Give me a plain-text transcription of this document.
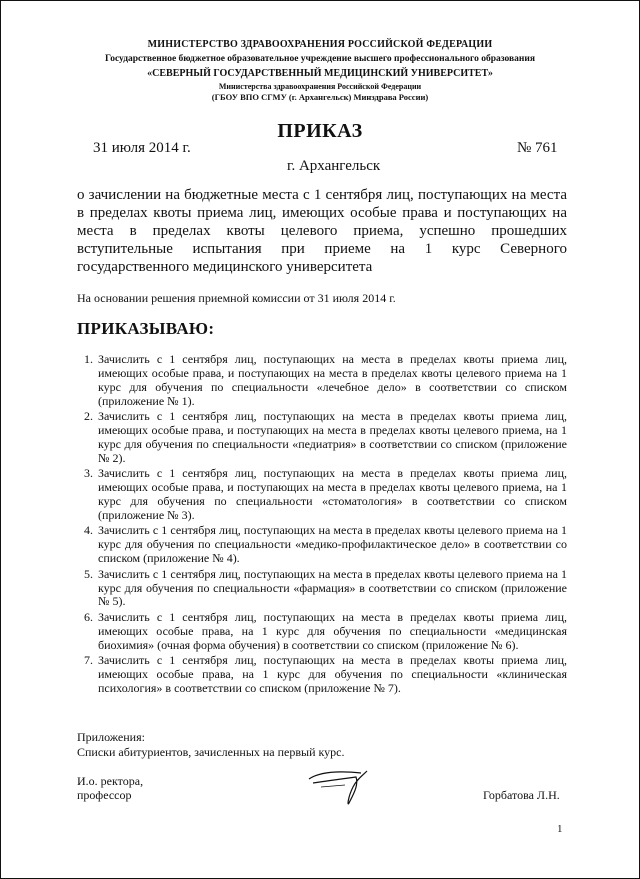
МИНИСТЕРСТВО ЗДРАВООХРАНЕНИЯ РОССИЙСКОЙ ФЕДЕРАЦИИ
Государственное бюджетное образовательное учреждение высшего профессионального образования
«СЕВЕРНЫЙ ГОСУДАРСТВЕННЫЙ МЕДИЦИНСКИЙ УНИВЕРСИТЕТ»
Министерства здравоохранения Российской Федерации
(ГБОУ ВПО СГМУ (г. Архангельск) Минздрава России)
ПРИКАЗ
31 июля 2014 г.	№ 761
г. Архангельск
о зачислении на бюджетные места с 1 сентября лиц, поступающих на места в пределах квоты приема лиц, имеющих особые права и поступающих на места в пределах квоты целевого приема, успешно прошедших вступительные испытания при приеме на 1 курс Северного государственного медицинского университета
На основании решения приемной комиссии от 31 июля 2014 г.
ПРИКАЗЫВАЮ:
1. Зачислить с 1 сентября лиц, поступающих на места в пределах квоты приема лиц, имеющих особые права, и поступающих на места в пределах квоты целевого приема на 1 курс для обучения по специальности «лечебное дело» в соответствии со списком (приложение № 1).
2. Зачислить с 1 сентября лиц, поступающих на места в пределах квоты приема лиц, имеющих особые права, и поступающих на места в пределах квоты целевого приема, на 1 курс для обучения по специальности «педиатрия» в соответствии со списком (приложение № 2).
3. Зачислить с 1 сентября лиц, поступающих на места в пределах квоты приема лиц, имеющих особые права, и поступающих на места в пределах квоты целевого приема, на 1 курс для обучения по специальности «стоматология» в соответствии со списком (приложение № 3).
4. Зачислить с 1 сентября лиц, поступающих на места в пределах квоты целевого приема на 1 курс для обучения по специальности «медико-профилактическое дело» в соответствии со списком (приложение № 4).
5. Зачислить с 1 сентября лиц, поступающих на места в пределах квоты целевого приема на 1 курс для обучения по специальности «фармация» в соответствии со списком (приложение № 5).
6. Зачислить с 1 сентября лиц, поступающих на места в пределах квоты приема лиц, имеющих особые права, на 1 курс для обучения по специальности «медицинская биохимия» (очная форма обучения) в соответствии со списком (приложение № 6).
7. Зачислить с 1 сентября лиц, поступающих на места в пределах квоты приема лиц, имеющих особые права, на 1 курс для обучения по специальности «клиническая психология» в соответствии со списком (приложение № 7).
Приложения:
Списки абитуриентов, зачисленных на первый курс.
И.о. ректора,
профессор	Горбатова Л.Н.
1
